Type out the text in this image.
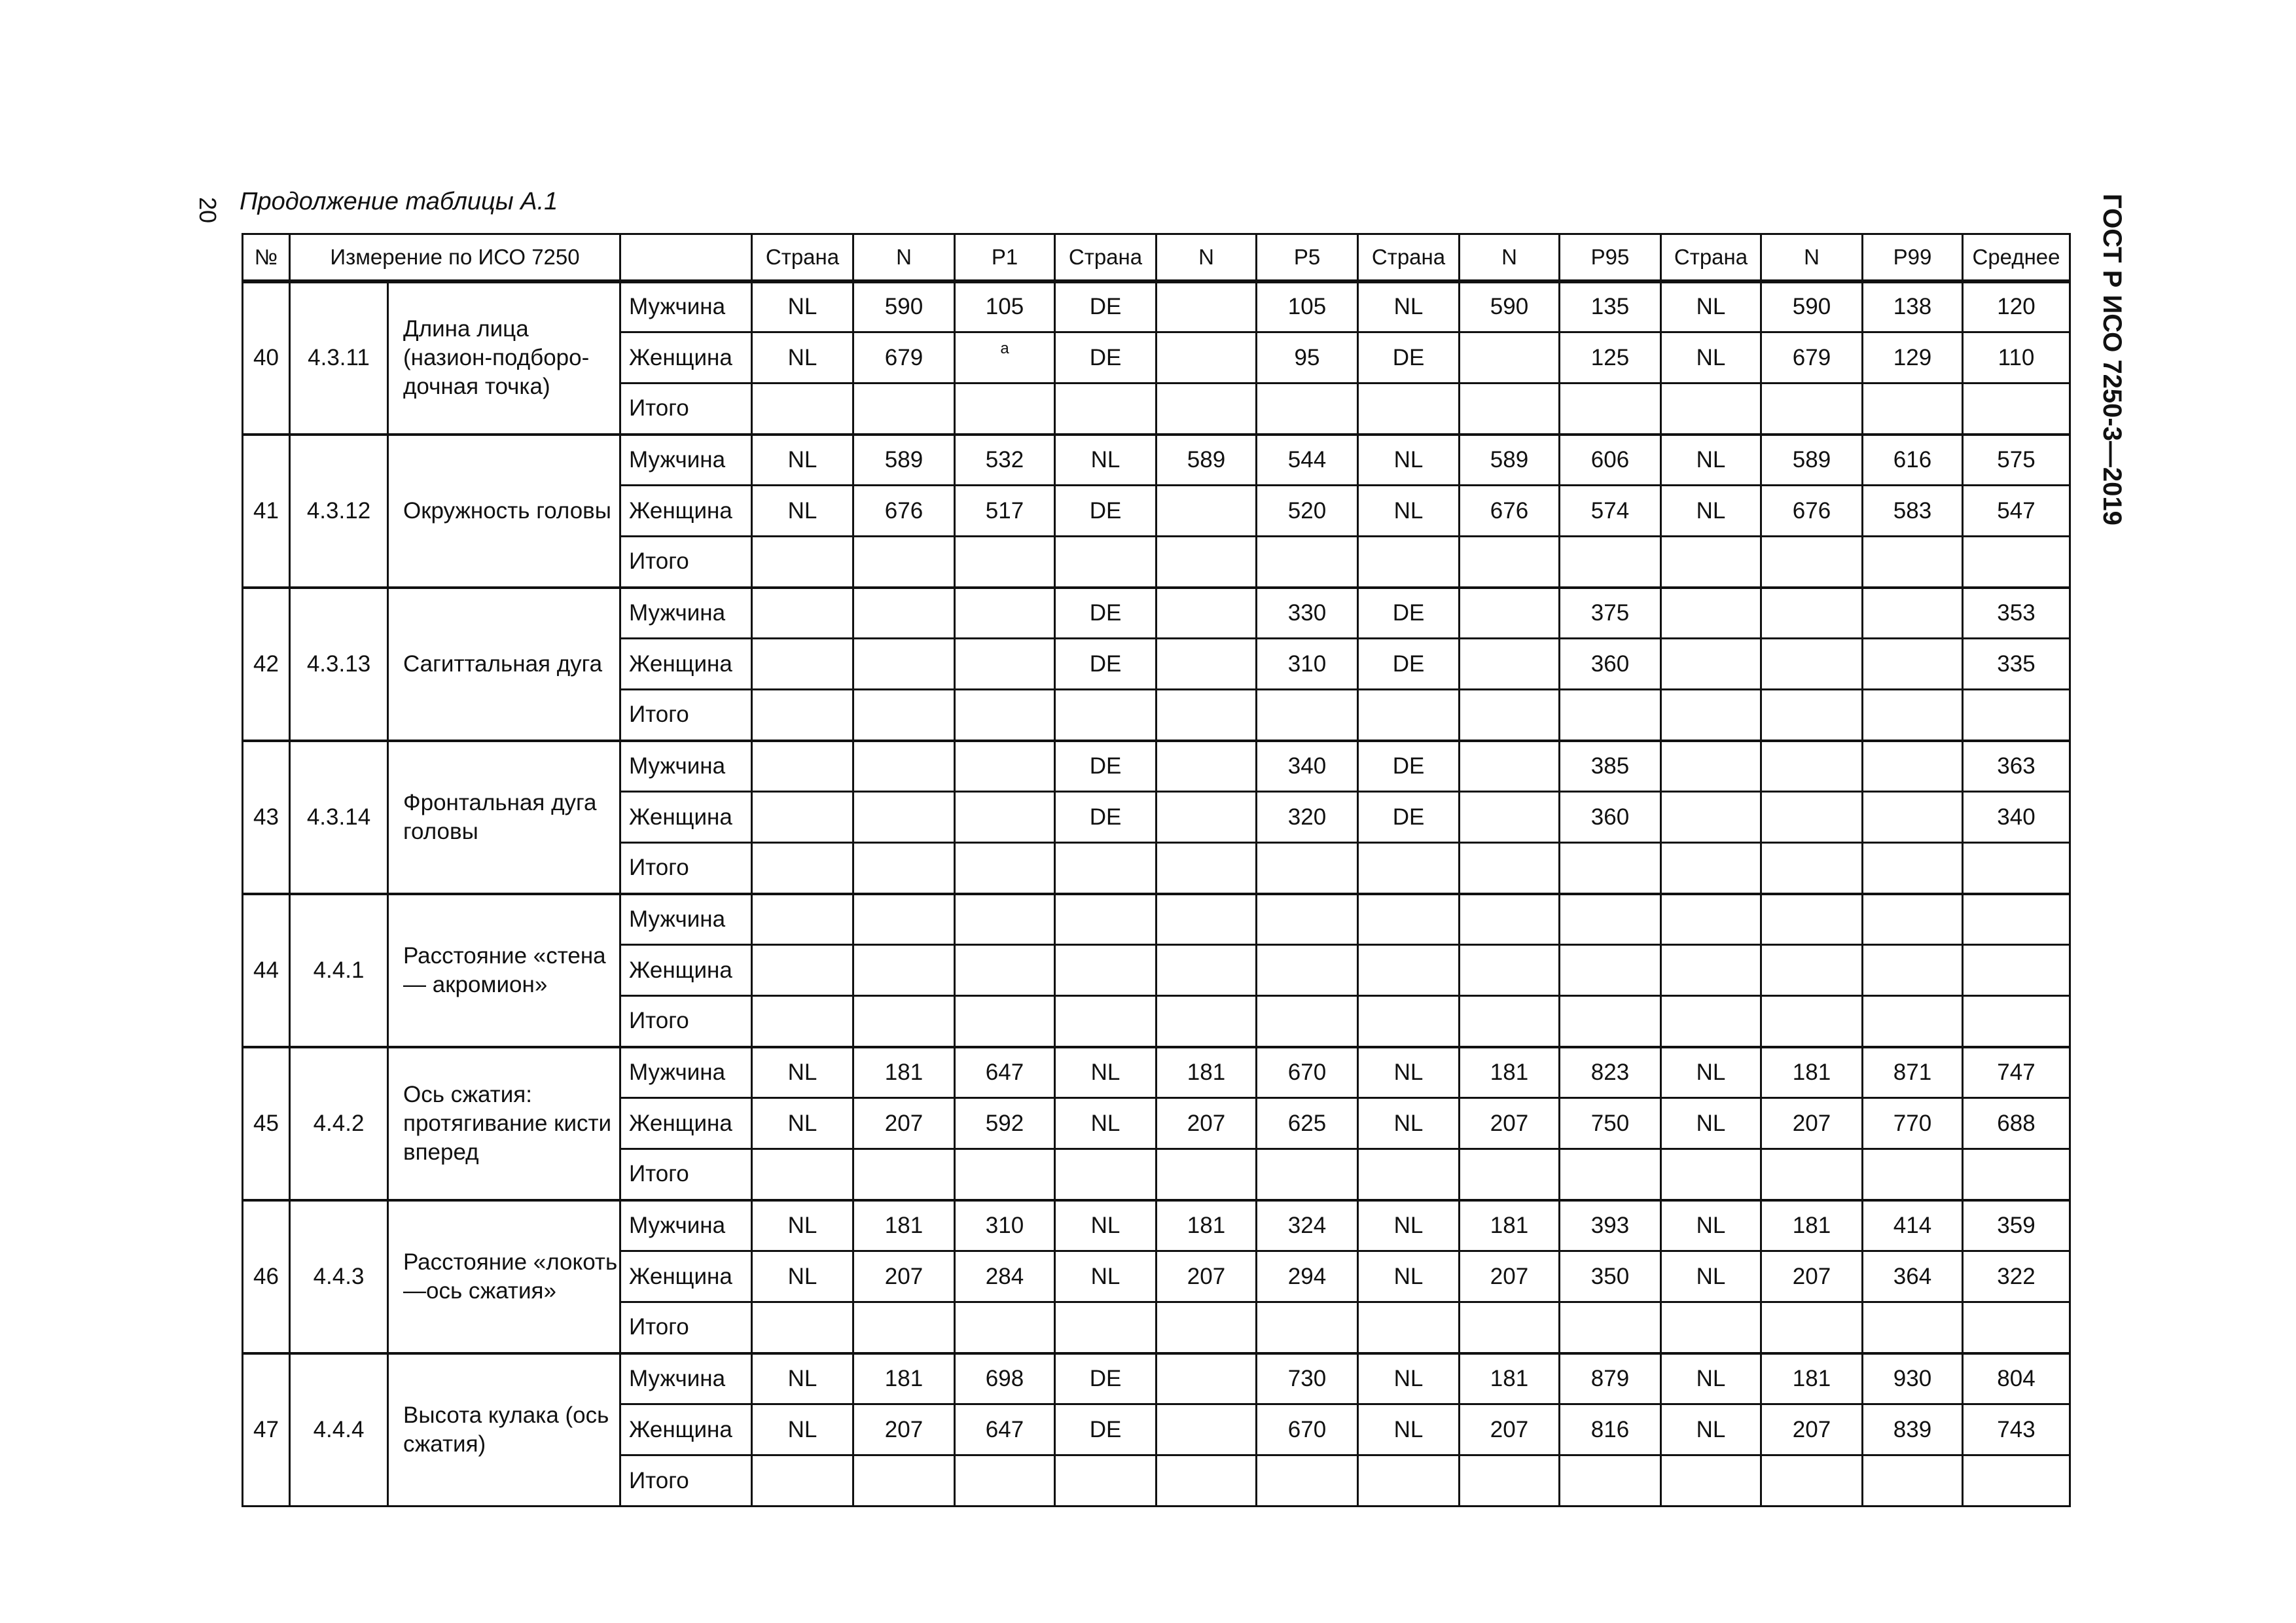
20 Продолжение таблицы А.1	ГОСТ Р ИСО 7250-3—2019
№	Измерение по ИСО 7250			Страна	N	P1	Страна	N	P5	Страна	N	P95	Страна	N	P99	Среднее
40	4.3.11	Длина лица (назион-подборо-дочная точка)	Мужчина	NL	590	105	DE		105	NL	590	135	NL	590	138	120
			Женщина	NL	679	a	DE		95	DE		125	NL	679	129	110
			Итого													
41	4.3.12	Окружность головы	Мужчина	NL	589	532	NL	589	544	NL	589	606	NL	589	616	575
			Женщина	NL	676	517	DE		520	NL	676	574	NL	676	583	547
			Итого													
42	4.3.13	Сагиттальная дуга	Мужчина				DE		330	DE		375				353
			Женщина				DE		310	DE		360				335
			Итого													
43	4.3.14	Фронтальная дуга головы	Мужчина				DE		340	DE		385				363
			Женщина				DE		320	DE		360				340
			Итого													
44	4.4.1	Расстояние «стена— акромион»	Мужчина													
			Женщина													
			Итого													
45	4.4.2	Ось сжатия: протягивание кисти вперед	Мужчина	NL	181	647	NL	181	670	NL	181	823	NL	181	871	747
			Женщина	NL	207	592	NL	207	625	NL	207	750	NL	207	770	688
			Итого													
46	4.4.3	Расстояние «локоть—ось сжатия»	Мужчина	NL	181	310	NL	181	324	NL	181	393	NL	181	414	359
			Женщина	NL	207	284	NL	207	294	NL	207	350	NL	207	364	322
			Итого													
47	4.4.4	Высота кулака (ось сжатия)	Мужчина	NL	181	698	DE		730	NL	181	879	NL	181	930	804
			Женщина	NL	207	647	DE		670	NL	207	816	NL	207	839	743
			Итого													
